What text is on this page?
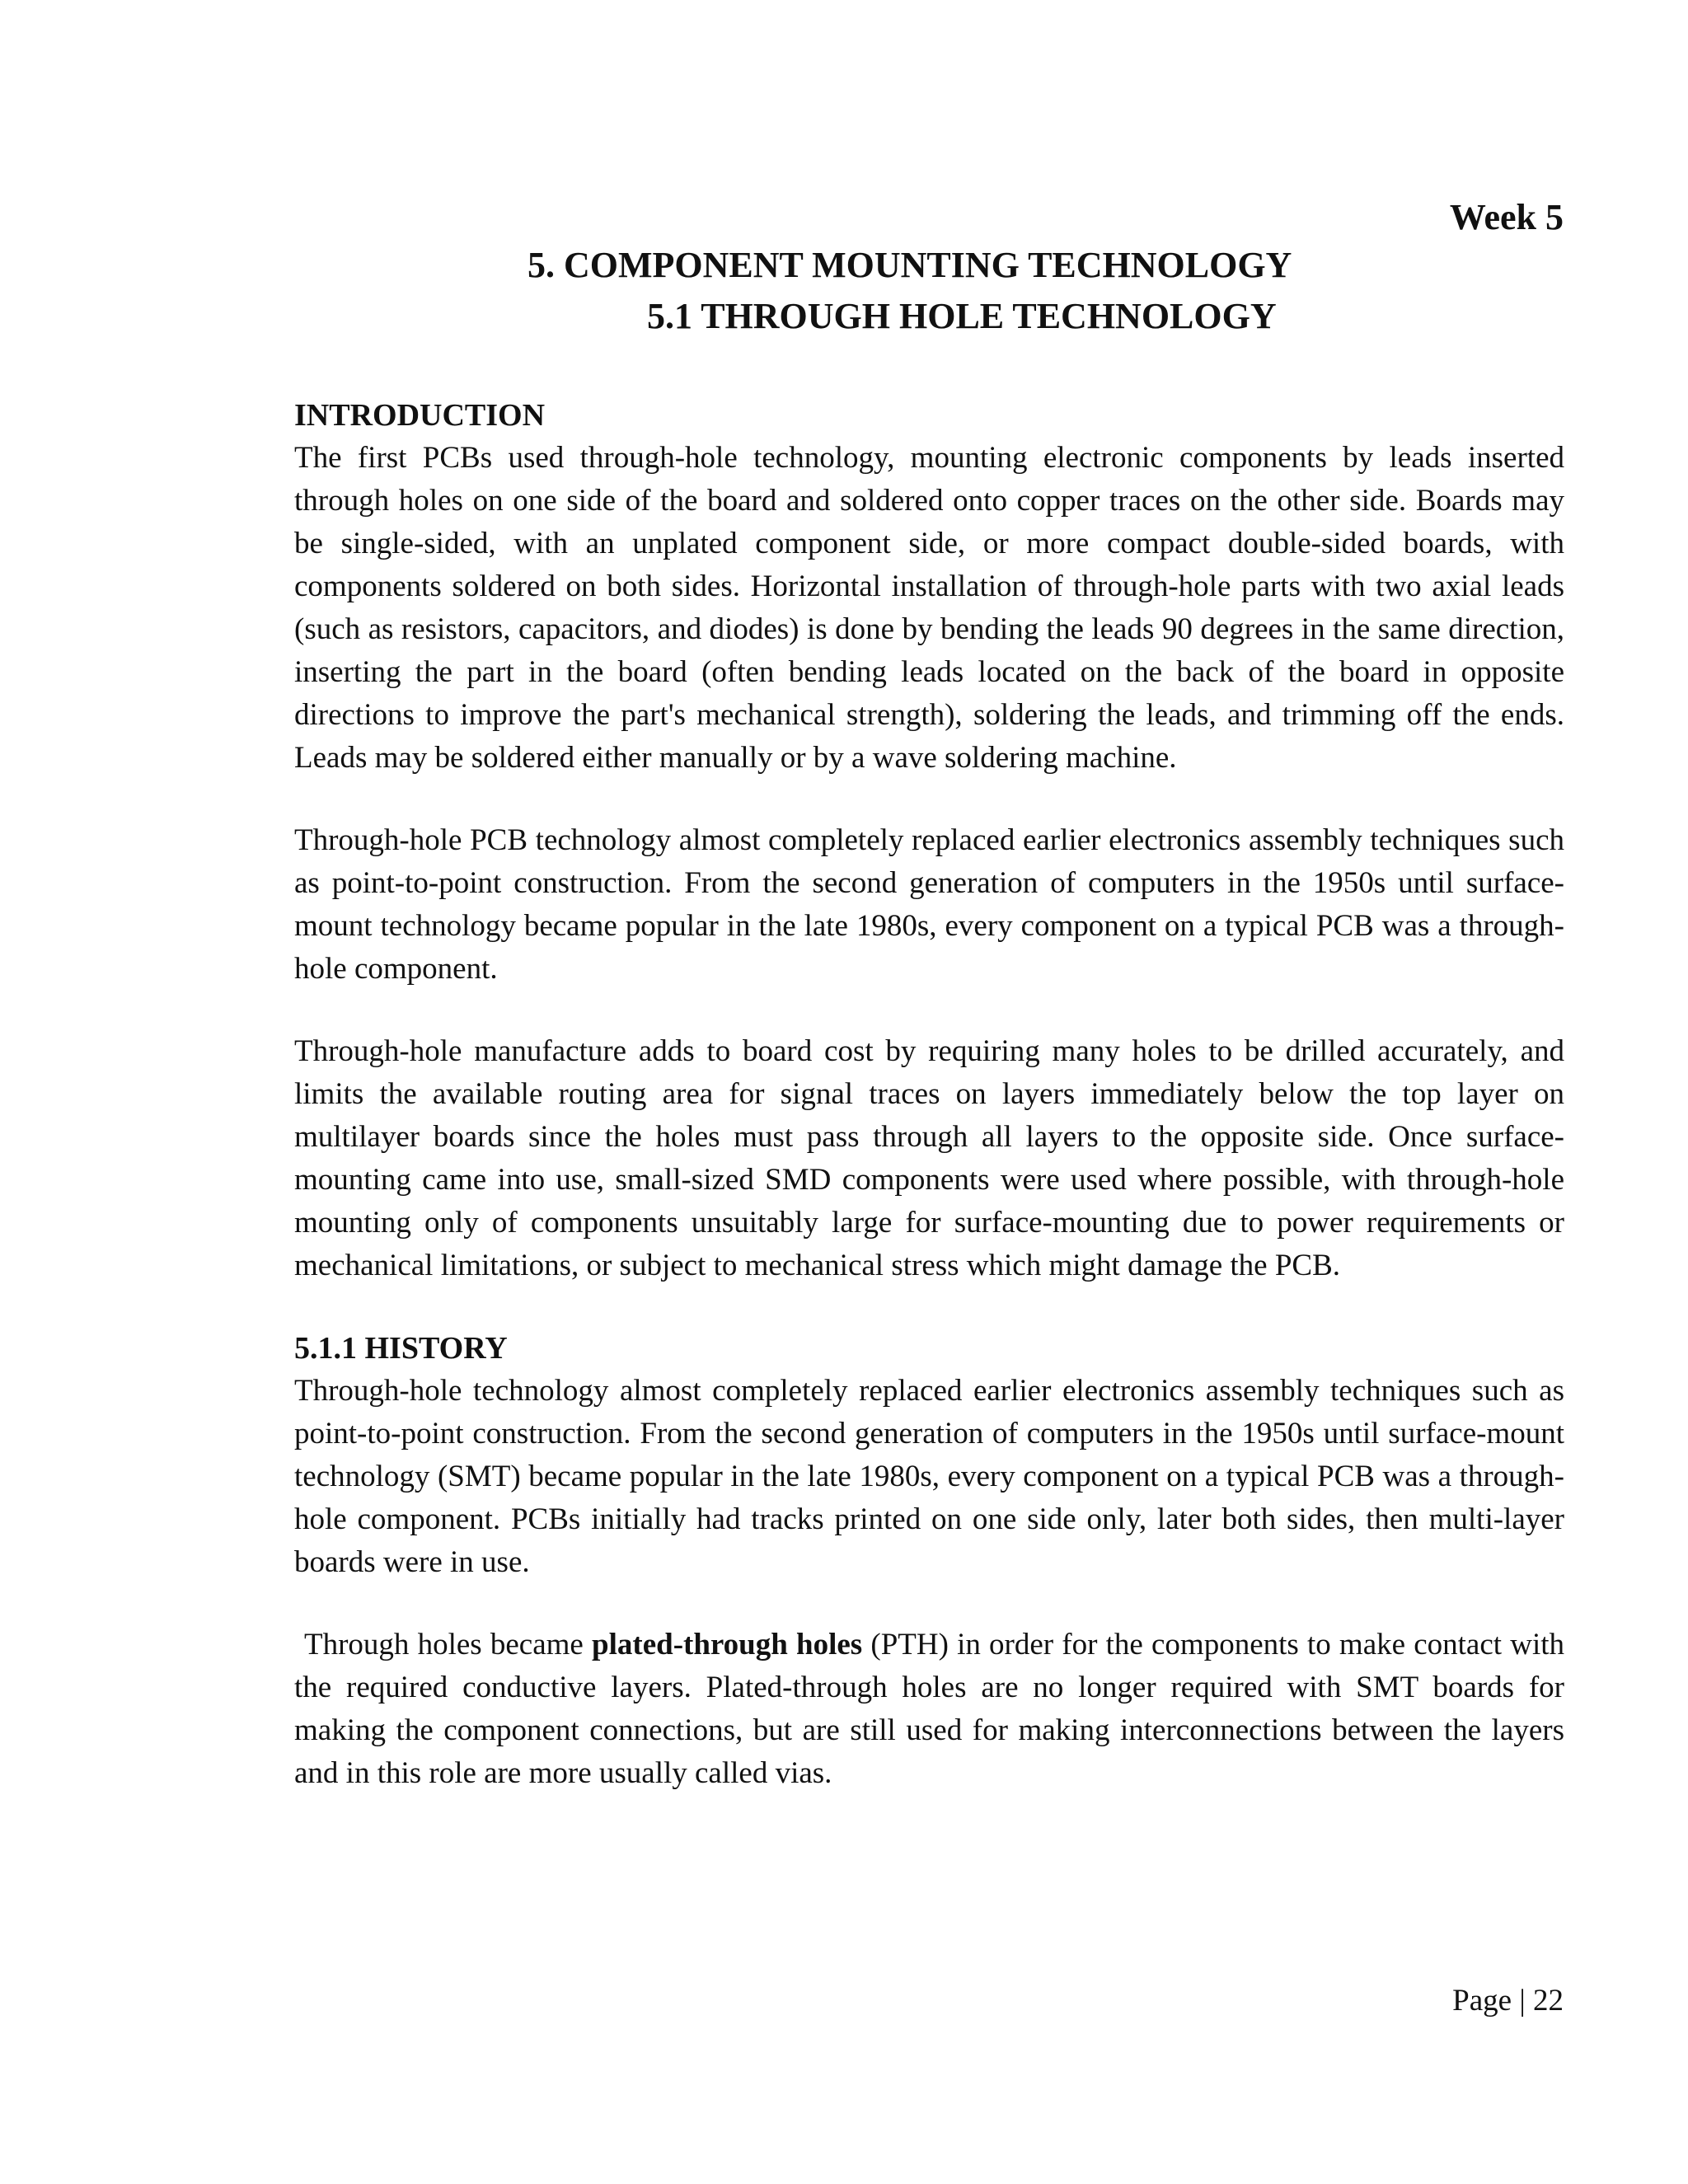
Week 5
5. COMPONENT MOUNTING TECHNOLOGY
5.1 THROUGH HOLE TECHNOLOGY
INTRODUCTION

The first PCBs used through-hole technology, mounting electronic components by leads inserted through holes on one side of the board and soldered onto copper traces on the other side. Boards may be single-sided, with an unplated component side, or more compact double-sided boards, with components soldered on both sides. Horizontal installation of through-hole parts with two axial leads (such as resistors, capacitors, and diodes) is done by bending the leads 90 degrees in the same direction, inserting the part in the board (often bending leads located on the back of the board in opposite directions to improve the part's mechanical strength), soldering the leads, and trimming off the ends. Leads may be soldered either manually or by a wave soldering machine.

Through-hole PCB technology almost completely replaced earlier electronics assembly techniques such as point-to-point construction. From the second generation of computers in the 1950s until surface-mount technology became popular in the late 1980s, every component on a typical PCB was a through-hole component.

Through-hole manufacture adds to board cost by requiring many holes to be drilled accurately, and limits the available routing area for signal traces on layers immediately below the top layer on multilayer boards since the holes must pass through all layers to the opposite side. Once surface-mounting came into use, small-sized SMD components were used where possible, with through-hole mounting only of components unsuitably large for surface-mounting due to power requirements or mechanical limitations, or subject to mechanical stress which might damage the PCB.

5.1.1 HISTORY

Through-hole technology almost completely replaced earlier electronics assembly techniques such as point-to-point construction. From the second generation of computers in the 1950s until surface-mount technology (SMT) became popular in the late 1980s, every component on a typical PCB was a through-hole component. PCBs initially had tracks printed on one side only, later both sides, then multi-layer boards were in use.

Through holes became plated-through holes (PTH) in order for the components to make contact with the required conductive layers. Plated-through holes are no longer required with SMT boards for making the component connections, but are still used for making interconnections between the layers and in this role are more usually called vias.

Page | 22
